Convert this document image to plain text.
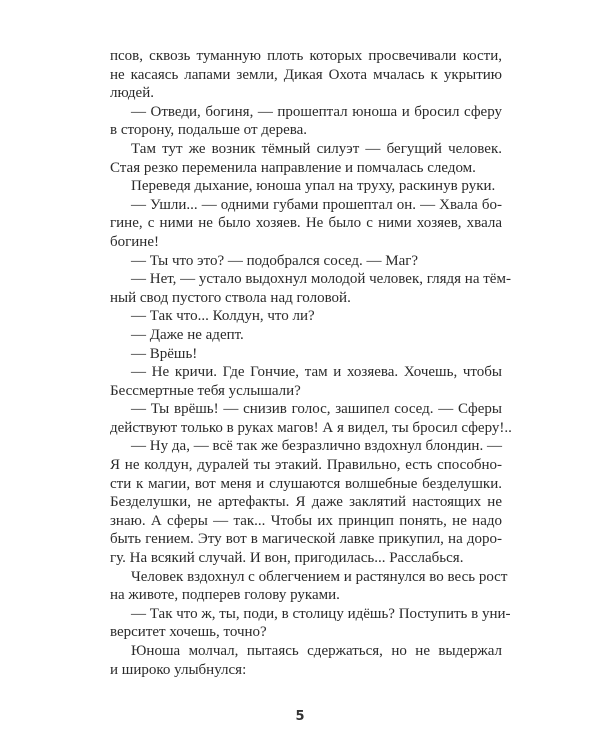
псов, сквозь туманную плоть которых просвечивали кости,
не касаясь лапами земли, Дикая Охота мчалась к укрытию
людей.
— Отведи, богиня, — прошептал юноша и бросил сферу
в сторону, подальше от дерева.
Там тут же возник тёмный силуэт — бегущий человек.
Стая резко переменила направление и помчалась следом.
Переведя дыхание, юноша упал на труху, раскинув руки.
— Ушли... — одними губами прошептал он. — Хвала бо-
гине, с ними не было хозяев. Не было с ними хозяев, хвала
богине!
— Ты что это? — подобрался сосед. — Маг?
— Нет, — устало выдохнул молодой человек, глядя на тём-
ный свод пустого ствола над головой.
— Так что... Колдун, что ли?
— Даже не адепт.
— Врёшь!
— Не кричи. Где Гончие, там и хозяева. Хочешь, чтобы
Бессмертные тебя услышали?
— Ты врёшь! — снизив голос, зашипел сосед. — Сферы
действуют только в руках магов! А я видел, ты бросил сферу!..
— Ну да, — всё так же безразлично вздохнул блондин. —
Я не колдун, дуралей ты этакий. Правильно, есть способно-
сти к магии, вот меня и слушаются волшебные безделушки.
Безделушки, не артефакты. Я даже заклятий настоящих не
знаю. А сферы — так... Чтобы их принцип понять, не надо
быть гением. Эту вот в магической лавке прикупил, на доро-
гу. На всякий случай. И вон, пригодилась... Расслабься.
Человек вздохнул с облегчением и растянулся во весь рост
на животе, подперев голову руками.
— Так что ж, ты, поди, в столицу идёшь? Поступить в уни-
верситет хочешь, точно?
Юноша молчал, пытаясь сдержаться, но не выдержал
и широко улыбнулся:
5
